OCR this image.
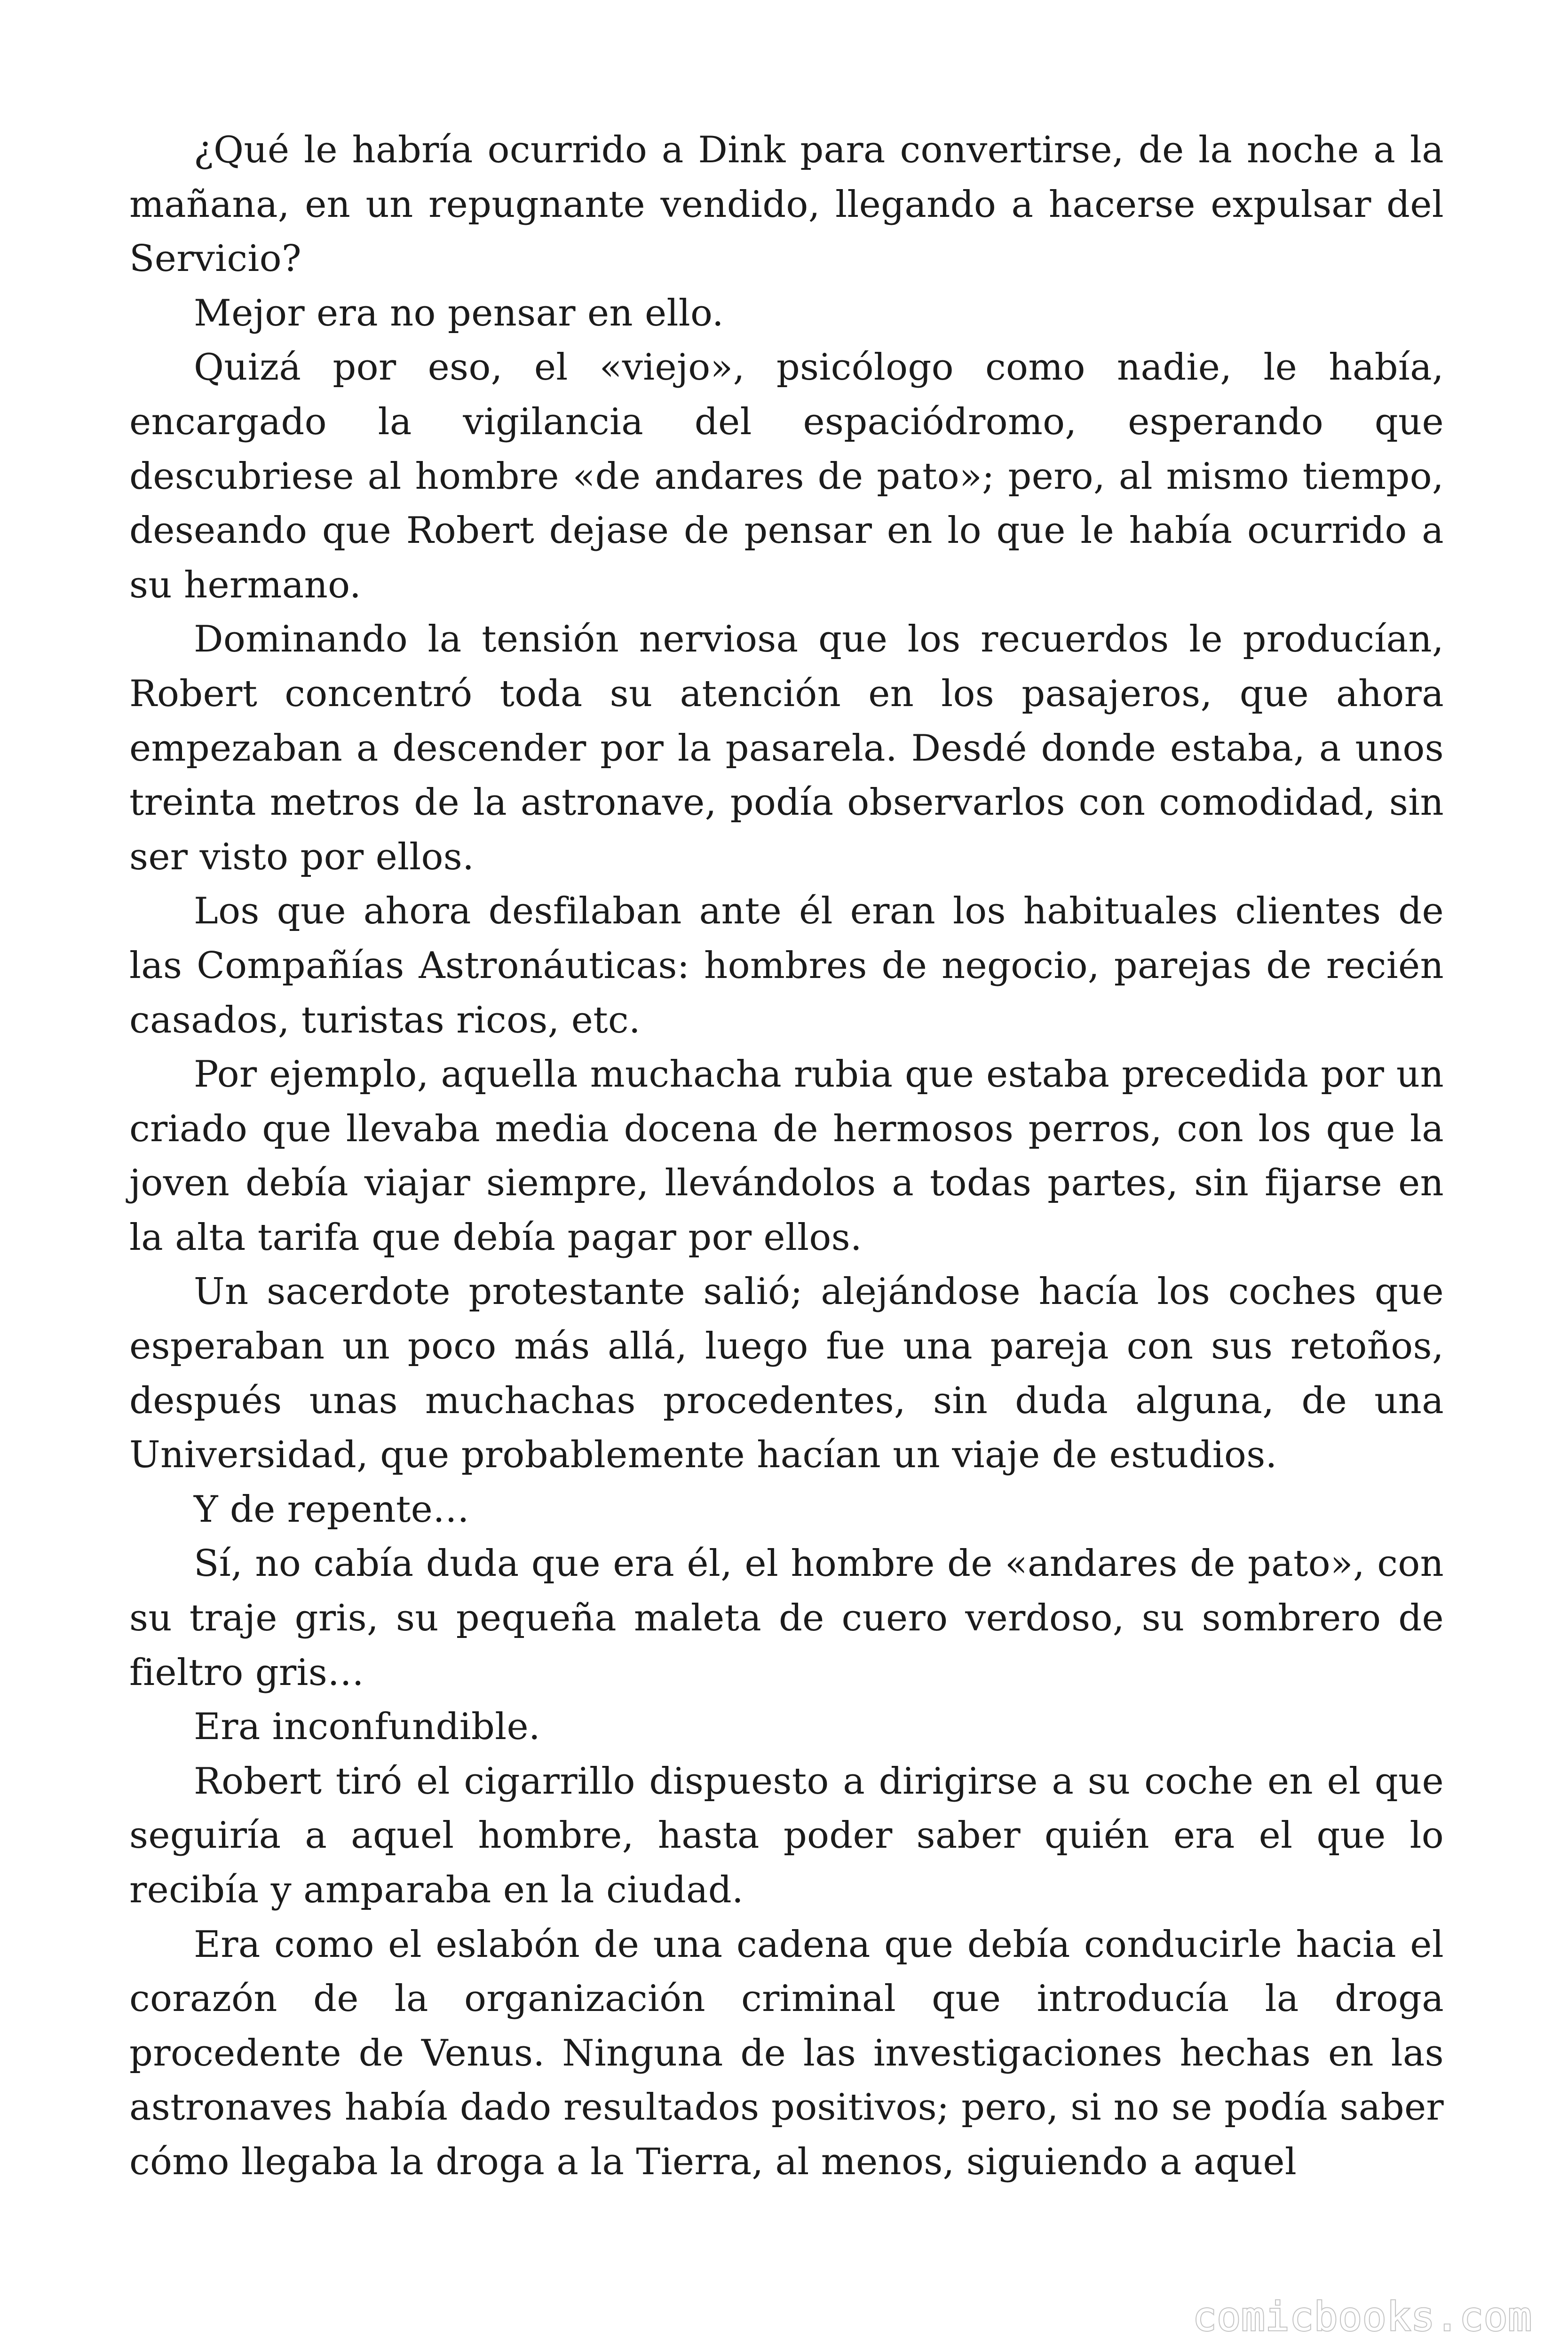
¿Qué le habría ocurrido a Dink para convertirse, de la noche a la mañana, en un repugnante vendido, llegando a hacerse expulsar del Servicio?

Mejor era no pensar en ello.

Quizá por eso, el «viejo», psicólogo como nadie, le había, encargado la vigilancia del espaciódromo, esperando que descubriese al hombre «de andares de pato»; pero, al mismo tiempo, deseando que Robert dejase de pensar en lo que le había ocurrido a su hermano.

Dominando la tensión nerviosa que los recuerdos le producían, Robert concentró toda su atención en los pasajeros, que ahora empezaban a descender por la pasarela. Desdé donde estaba, a unos treinta metros de la astronave, podía observarlos con comodidad, sin ser visto por ellos.

Los que ahora desfilaban ante él eran los habituales clientes de las Compañías Astronáuticas: hombres de negocio, parejas de recién casados, turistas ricos, etc.

Por ejemplo, aquella muchacha rubia que estaba precedida por un criado que llevaba media docena de hermosos perros, con los que la joven debía viajar siempre, llevándolos a todas partes, sin fijarse en la alta tarifa que debía pagar por ellos.

Un sacerdote protestante salió; alejándose hacía los coches que esperaban un poco más allá, luego fue una pareja con sus retoños, después unas muchachas procedentes, sin duda alguna, de una Universidad, que probablemente hacían un viaje de estudios.

Y de repente…

Sí, no cabía duda que era él, el hombre de «andares de pato», con su traje gris, su pequeña maleta de cuero verdoso, su sombrero de fieltro gris…

Era inconfundible.

Robert tiró el cigarrillo dispuesto a dirigirse a su coche en el que seguiría a aquel hombre, hasta poder saber quién era el que lo recibía y amparaba en la ciudad.

Era como el eslabón de una cadena que debía conducirle hacia el corazón de la organización criminal que introducía la droga procedente de Venus. Ninguna de las investigaciones hechas en las astronaves había dado resultados positivos; pero, si no se podía saber cómo llegaba la droga a la Tierra, al menos, siguiendo a aquel

comicbooks.com
